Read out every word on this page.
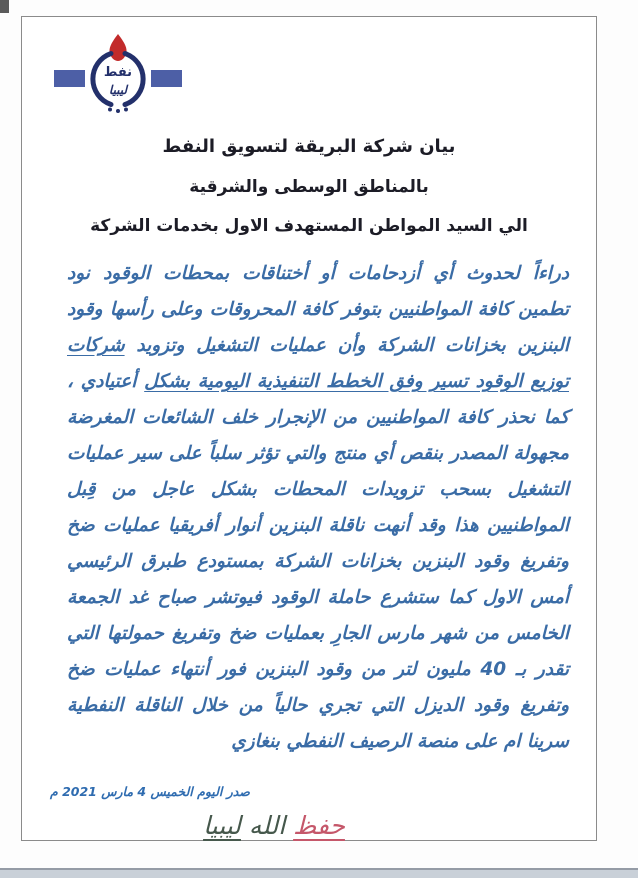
نفط
ليبيا
بيان شركة البريقة لتسويق النفط
بالمناطق الوسطى والشرقية
الي السيد المواطن المستهدف الاول بخدمات الشركة

دراءاً لحدوث أي أزدحامات أو أختناقات بمحطات الوقود نود تطمين كافة المواطنيين بتوفر كافة المحروقات وعلى رأسها وقود البنزين بخزانات الشركة وأن عمليات التشغيل وتزويد شركات توزيع الوقود تسير وفق الخطط التنفيذية اليومية بشكل أعتيادي ، كما نحذر كافة المواطنيين من الإنجرار خلف الشائعات المغرضة مجهولة المصدر بنقص أي منتج والتي تؤثر سلباً على سير عمليات التشغيل بسحب تزويدات المحطات بشكل عاجل من قِبل المواطنيين هذا وقد أنهت ناقلة البنزين أنوار أفريقيا عمليات ضخ وتفريغ وقود البنزين بخزانات الشركة بمستودع طبرق الرئيسي أمس الاول كما ستشرع حاملة الوقود فيوتشر صباح غد الجمعة الخامس من شهر مارس الجارِ بعمليات ضخ وتفريغ حمولتها التي تقدر بـ 40 مليون لتر من وقود البنزين فور أنتهاء عمليات ضخ وتفريغ وقود الديزل التي تجري حالياً من خلال الناقلة النفطية سرينا ام على منصة الرصيف النفطي بنغازي

صدر اليوم الخميس 4 مارس 2021 م
حفظ الله ليبيا
